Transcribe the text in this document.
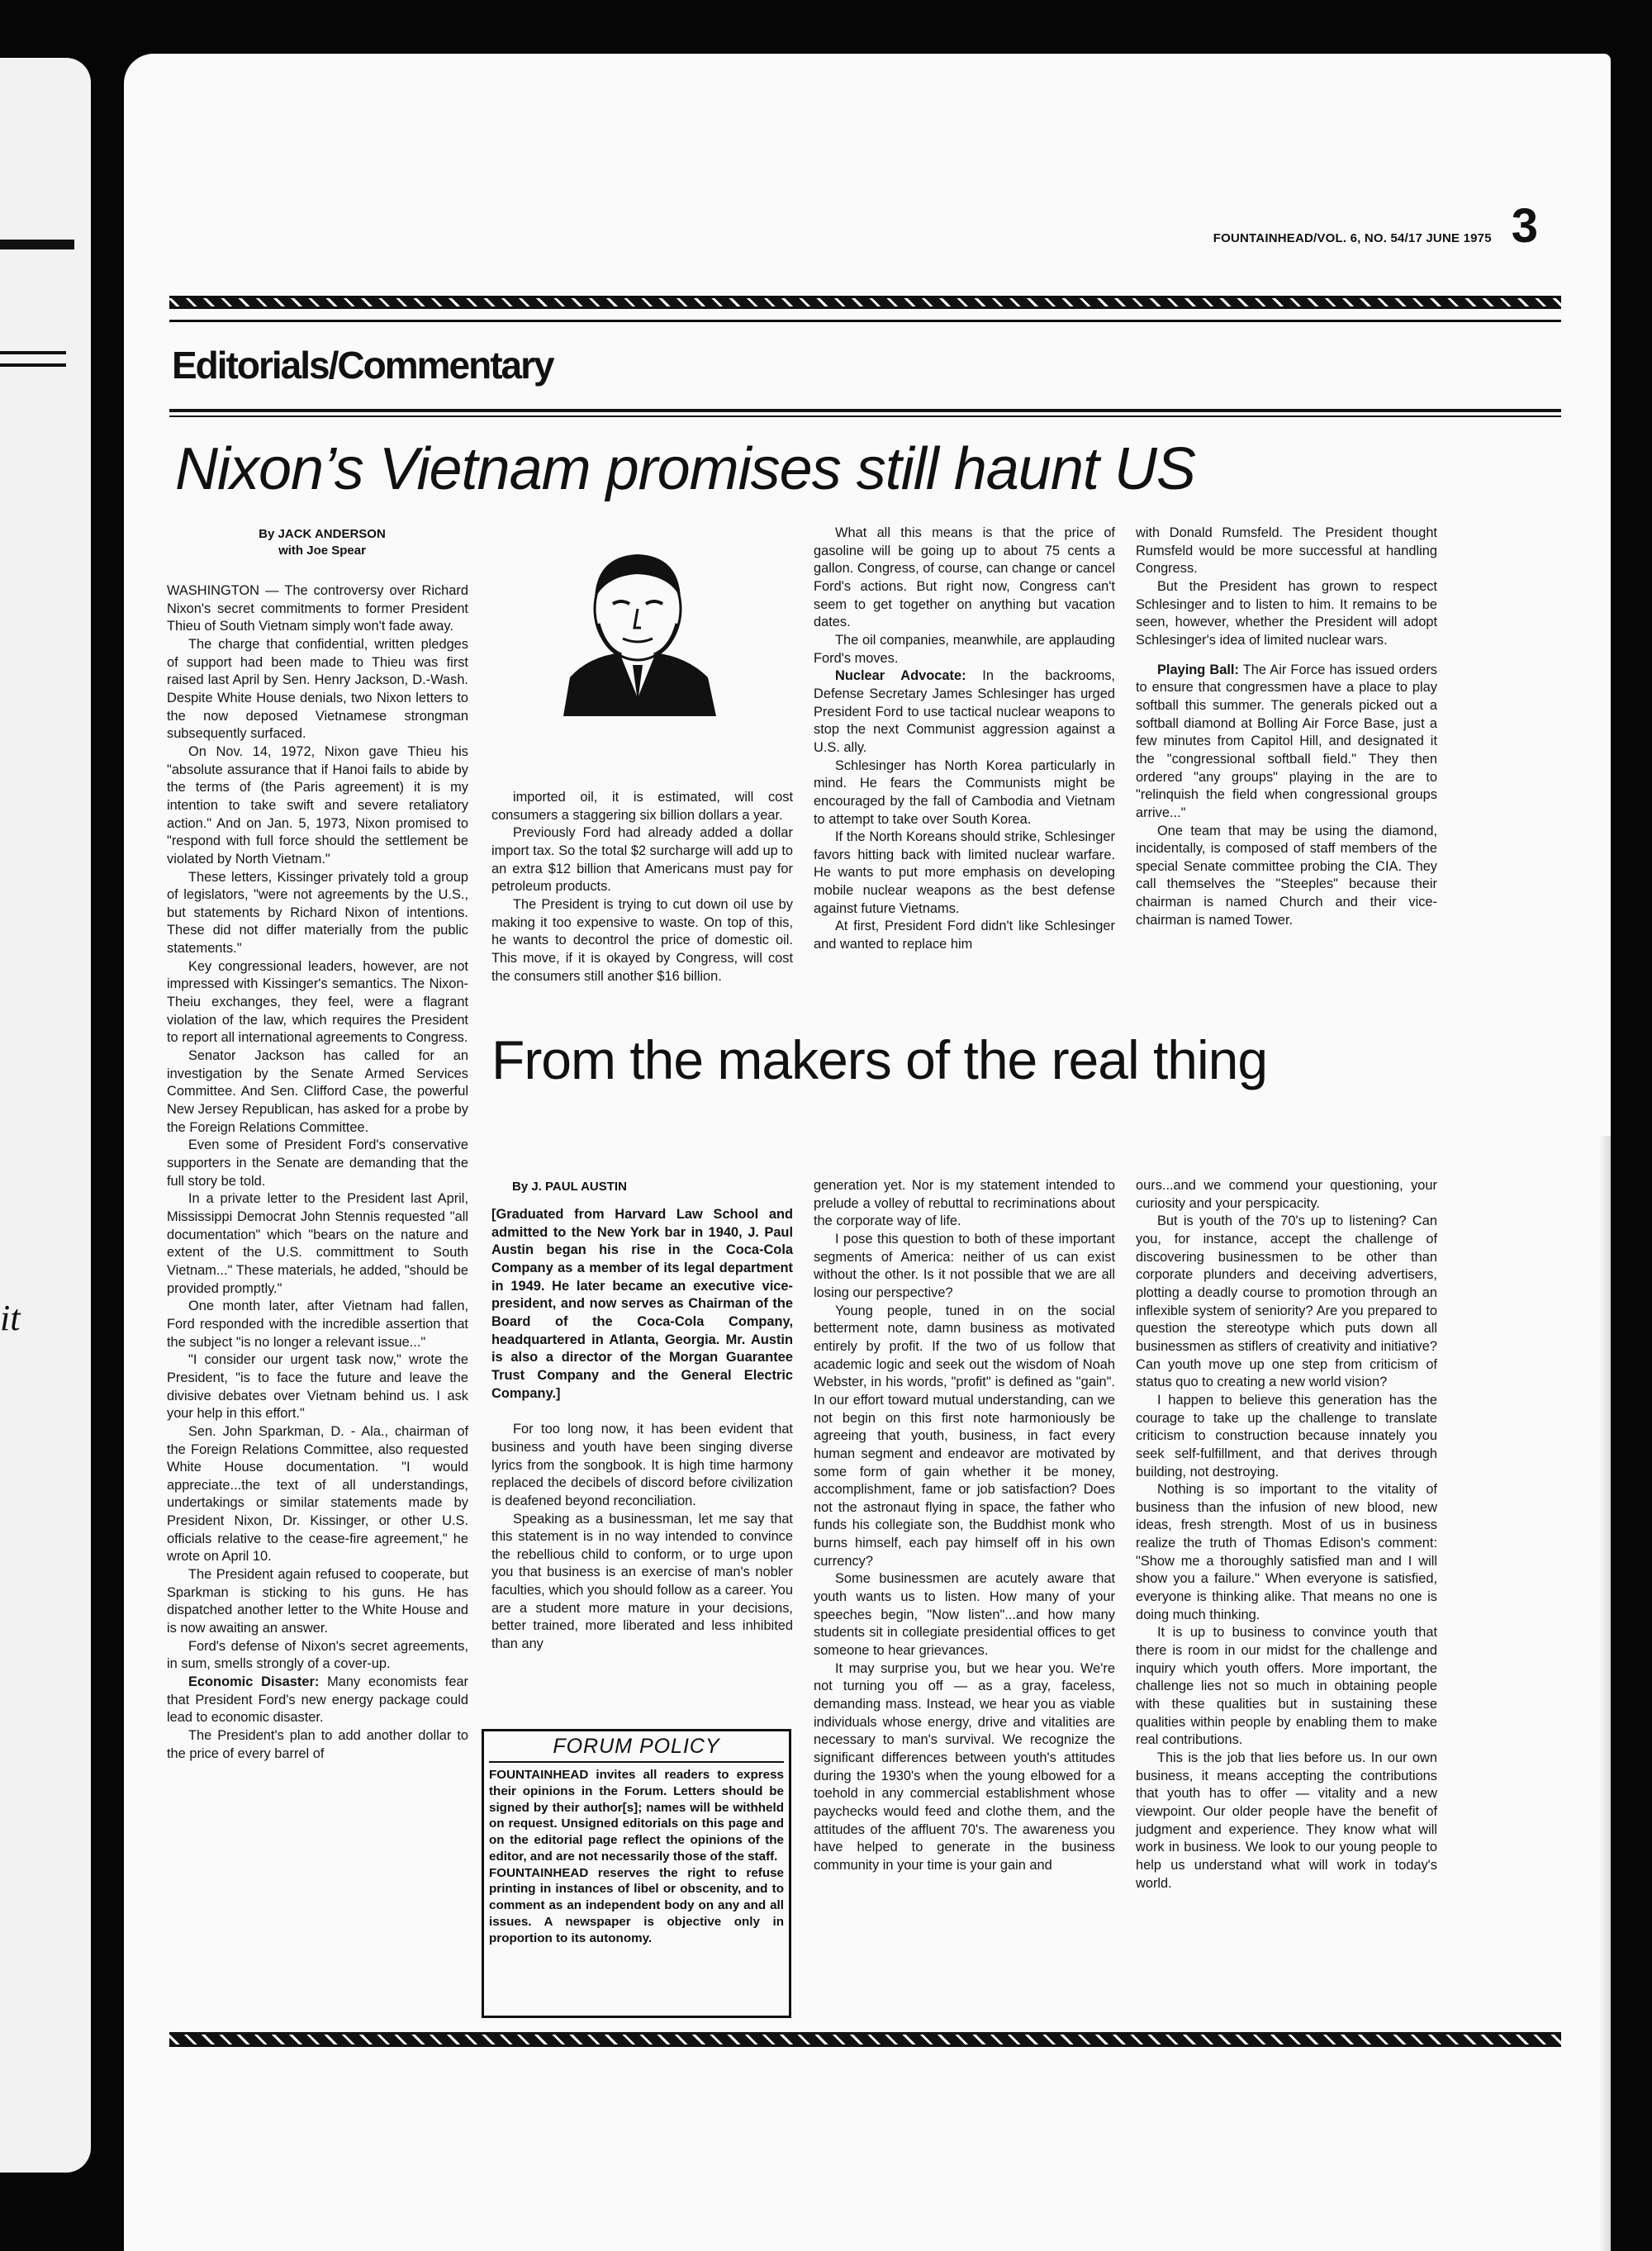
it
FOUNTAINHEAD/VOL. 6, NO. 54/17 JUNE 1975 3
Editorials/Commentary
Nixon’s Vietnam promises still haunt US
By JACK ANDERSON
with Joe Spear

WASHINGTON — The controversy over Richard Nixon's secret commitments to former President Thieu of South Vietnam simply won't fade away.

The charge that confidential, written pledges of support had been made to Thieu was first raised last April by Sen. Henry Jackson, D.-Wash. Despite White House denials, two Nixon letters to the now deposed Vietnamese strongman subsequently surfaced.

On Nov. 14, 1972, Nixon gave Thieu his "absolute assurance that if Hanoi fails to abide by the terms of (the Paris agreement) it is my intention to take swift and severe retaliatory action." And on Jan. 5, 1973, Nixon promised to "respond with full force should the settlement be violated by North Vietnam."

These letters, Kissinger privately told a group of legislators, "were not agreements by the U.S., but statements by Richard Nixon of intentions. These did not differ materially from the public statements."

Key congressional leaders, however, are not impressed with Kissinger's semantics. The Nixon-Theiu exchanges, they feel, were a flagrant violation of the law, which requires the President to report all international agreements to Congress.

Senator Jackson has called for an investigation by the Senate Armed Services Committee. And Sen. Clifford Case, the powerful New Jersey Republican, has asked for a probe by the Foreign Relations Committee.

Even some of President Ford's conservative supporters in the Senate are demanding that the full story be told.

In a private letter to the President last April, Mississippi Democrat John Stennis requested "all documentation" which "bears on the nature and extent of the U.S. committment to South Vietnam..." These materials, he added, "should be provided promptly."

One month later, after Vietnam had fallen, Ford responded with the incredible assertion that the subject "is no longer a relevant issue..."

"I consider our urgent task now," wrote the President, "is to face the future and leave the divisive debates over Vietnam behind us. I ask your help in this effort."

Sen. John Sparkman, D. - Ala., chairman of the Foreign Relations Committee, also requested White House documentation. "I would appreciate...the text of all understandings, undertakings or similar statements made by President Nixon, Dr. Kissinger, or other U.S. officials relative to the cease-fire agreement," he wrote on April 10.

The President again refused to cooperate, but Sparkman is sticking to his guns. He has dispatched another letter to the White House and is now awaiting an answer.

Ford's defense of Nixon's secret agreements, in sum, smells strongly of a cover-up.

Economic Disaster: Many economists fear that President Ford's new energy package could lead to economic disaster.

The President's plan to add another dollar to the price of every barrel of

imported oil, it is estimated, will cost consumers a staggering six billion dollars a year.

Previously Ford had already added a dollar import tax. So the total $2 surcharge will add up to an extra $12 billion that Americans must pay for petroleum products.

The President is trying to cut down oil use by making it too expensive to waste. On top of this, he wants to decontrol the price of domestic oil. This move, if it is okayed by Congress, will cost the consumers still another $16 billion.

What all this means is that the price of gasoline will be going up to about 75 cents a gallon. Congress, of course, can change or cancel Ford's actions. But right now, Congress can't seem to get together on anything but vacation dates.

The oil companies, meanwhile, are applauding Ford's moves.

Nuclear Advocate: In the backrooms, Defense Secretary James Schlesinger has urged President Ford to use tactical nuclear weapons to stop the next Communist aggression against a U.S. ally.

Schlesinger has North Korea particularly in mind. He fears the Communists might be encouraged by the fall of Cambodia and Vietnam to attempt to take over South Korea.

If the North Koreans should strike, Schlesinger favors hitting back with limited nuclear warfare. He wants to put more emphasis on developing mobile nuclear weapons as the best defense against future Vietnams.

At first, President Ford didn't like Schlesinger and wanted to replace him

with Donald Rumsfeld. The President thought Rumsfeld would be more successful at handling Congress.

But the President has grown to respect Schlesinger and to listen to him. It remains to be seen, however, whether the President will adopt Schlesinger's idea of limited nuclear wars.

Playing Ball: The Air Force has issued orders to ensure that congressmen have a place to play softball this summer. The generals picked out a softball diamond at Bolling Air Force Base, just a few minutes from Capitol Hill, and designated it the "congressional softball field." They then ordered "any groups" playing in the are to "relinquish the field when congressional groups arrive..."

One team that may be using the diamond, incidentally, is composed of staff members of the special Senate committee probing the CIA. They call themselves the "Steeples" because their chairman is named Church and their vice-chairman is named Tower.

From the makers of the real thing
By J. PAUL AUSTIN

[Graduated from Harvard Law School and admitted to the New York bar in 1940, J. Paul Austin began his rise in the Coca-Cola Company as a member of its legal department in 1949. He later became an executive vice-president, and now serves as Chairman of the Board of the Coca-Cola Company, headquartered in Atlanta, Georgia. Mr. Austin is also a director of the Morgan Guarantee Trust Company and the General Electric Company.]

For too long now, it has been evident that business and youth have been singing diverse lyrics from the songbook. It is high time harmony replaced the decibels of discord before civilization is deafened beyond reconciliation.

Speaking as a businessman, let me say that this statement is in no way intended to convince the rebellious child to conform, or to urge upon you that business is an exercise of man's nobler faculties, which you should follow as a career. You are a student more mature in your decisions, better trained, more liberated and less inhibited than any

generation yet. Nor is my statement intended to prelude a volley of rebuttal to recriminations about the corporate way of life.

I pose this question to both of these important segments of America: neither of us can exist without the other. Is it not possible that we are all losing our perspective?

Young people, tuned in on the social betterment note, damn business as motivated entirely by profit. If the two of us follow that academic logic and seek out the wisdom of Noah Webster, in his words, "profit" is defined as "gain". In our effort toward mutual understanding, can we not begin on this first note harmoniously be agreeing that youth, business, in fact every human segment and endeavor are motivated by some form of gain whether it be money, accomplishment, fame or job satisfaction? Does not the astronaut flying in space, the father who funds his collegiate son, the Buddhist monk who burns himself, each pay himself off in his own currency?

Some businessmen are acutely aware that youth wants us to listen. How many of your speeches begin, "Now listen"...and how many students sit in collegiate presidential offices to get someone to hear grievances.

It may surprise you, but we hear you. We're not turning you off — as a gray, faceless, demanding mass. Instead, we hear you as viable individuals whose energy, drive and vitalities are necessary to man's survival. We recognize the significant differences between youth's attitudes during the 1930's when the young elbowed for a toehold in any commercial establishment whose paychecks would feed and clothe them, and the attitudes of the affluent 70's. The awareness you have helped to generate in the business community in your time is your gain and

ours...and we commend your questioning, your curiosity and your perspicacity.

But is youth of the 70's up to listening? Can you, for instance, accept the challenge of discovering businessmen to be other than corporate plunders and deceiving advertisers, plotting a deadly course to promotion through an inflexible system of seniority? Are you prepared to question the stereotype which puts down all businessmen as stiflers of creativity and initiative? Can youth move up one step from criticism of status quo to creating a new world vision?

I happen to believe this generation has the courage to take up the challenge to translate criticism to construction because innately you seek self-fulfillment, and that derives through building, not destroying.

Nothing is so important to the vitality of business than the infusion of new blood, new ideas, fresh strength. Most of us in business realize the truth of Thomas Edison's comment: "Show me a thoroughly satisfied man and I will show you a failure." When everyone is satisfied, everyone is thinking alike. That means no one is doing much thinking.

It is up to business to convince youth that there is room in our midst for the challenge and inquiry which youth offers. More important, the challenge lies not so much in obtaining people with these qualities but in sustaining these qualities within people by enabling them to make real contributions.

This is the job that lies before us. In our own business, it means accepting the contributions that youth has to offer — vitality and a new viewpoint. Our older people have the benefit of judgment and experience. They know what will work in business. We look to our young people to help us understand what will work in today's world.

FORUM POLICY

FOUNTAINHEAD invites all readers to express their opinions in the Forum. Letters should be signed by their author[s]; names will be withheld on request. Unsigned editorials on this page and on the editorial page reflect the opinions of the editor, and are not necessarily those of the staff.

FOUNTAINHEAD reserves the right to refuse printing in instances of libel or obscenity, and to comment as an independent body on any and all issues. A newspaper is objective only in proportion to its autonomy.
